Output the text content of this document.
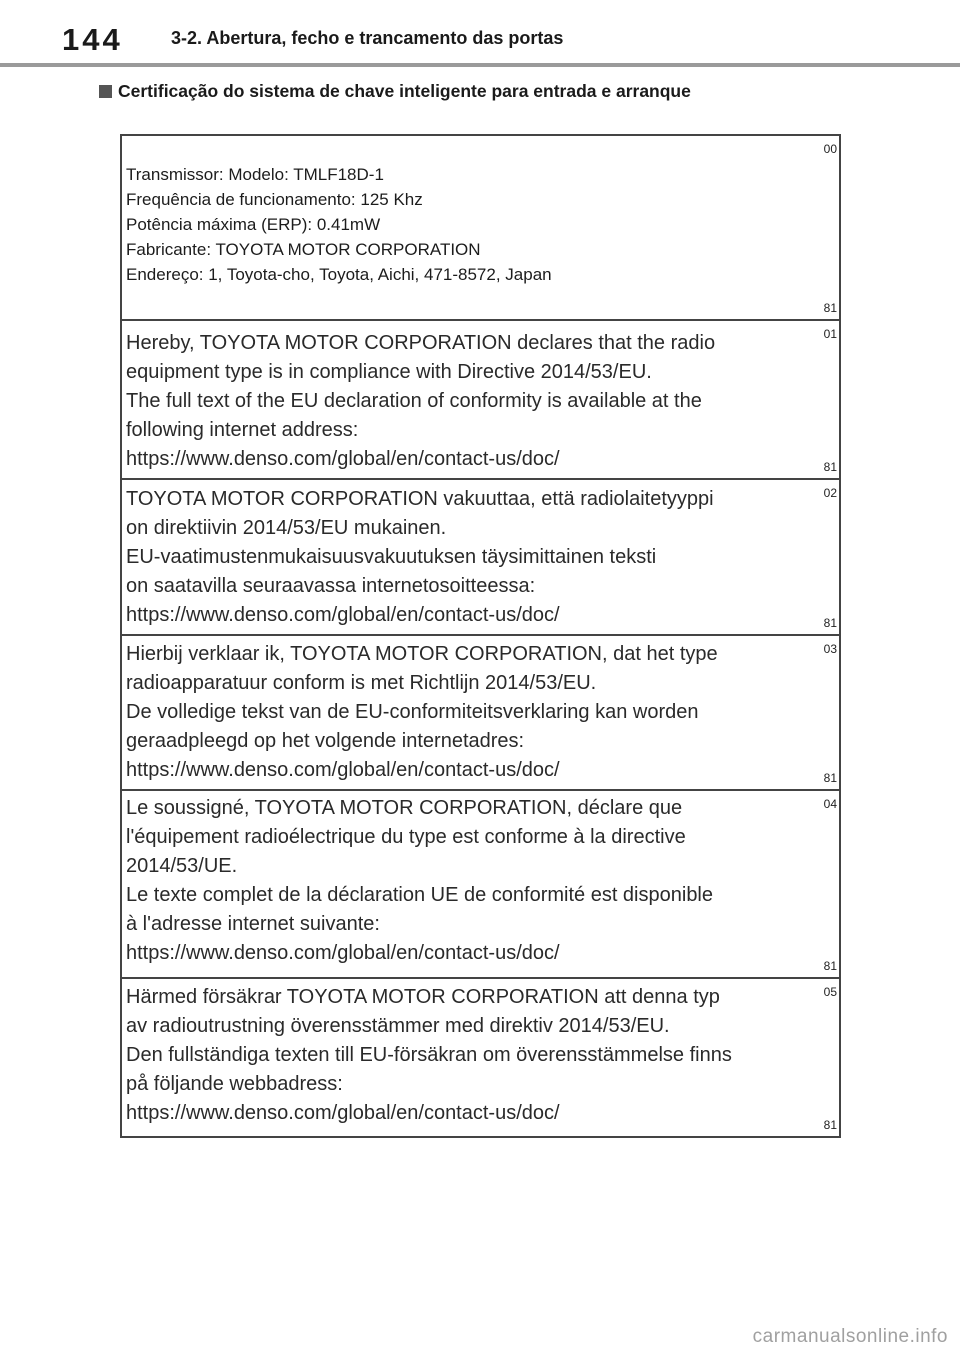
144	3-2. Abertura, fecho e trancamento das portas
Certificação do sistema de chave inteligente para entrada e arranque
Transmissor: Modelo: TMLF18D-1
Frequência de funcionamento: 125 Khz
Potência máxima (ERP): 0.41mW
Fabricante: TOYOTA MOTOR CORPORATION
Endereço: 1, Toyota-cho, Toyota, Aichi, 471-8572, Japan
00
81
Hereby, TOYOTA MOTOR CORPORATION declares that the radio
equipment type is in compliance with Directive 2014/53/EU.
The full text of the EU declaration of conformity is available at the
following internet address:
https://www.denso.com/global/en/contact-us/doc/
01
81
TOYOTA MOTOR CORPORATION vakuuttaa, että radiolaitetyyppi
on direktiivin 2014/53/EU mukainen.
EU-vaatimustenmukaisuusvakuutuksen täysimittainen teksti
on saatavilla seuraavassa internetosoitteessa:
https://www.denso.com/global/en/contact-us/doc/
02
81
Hierbij verklaar ik, TOYOTA MOTOR CORPORATION, dat het type
radioapparatuur conform is met Richtlijn 2014/53/EU.
De volledige tekst van de EU-conformiteitsverklaring kan worden
geraadpleegd op het volgende internetadres:
https://www.denso.com/global/en/contact-us/doc/
03
81
Le soussigné, TOYOTA MOTOR CORPORATION, déclare que
l'équipement radioélectrique du type est conforme à la directive
2014/53/UE.
Le texte complet de la déclaration UE de conformité est disponible
à l'adresse internet suivante:
https://www.denso.com/global/en/contact-us/doc/
04
81
Härmed försäkrar TOYOTA MOTOR CORPORATION att denna typ
av radioutrustning överensstämmer med direktiv 2014/53/EU.
Den fullständiga texten till EU-försäkran om överensstämmelse finns
på följande webbadress:
https://www.denso.com/global/en/contact-us/doc/
05
81
carmanualsonline.info
